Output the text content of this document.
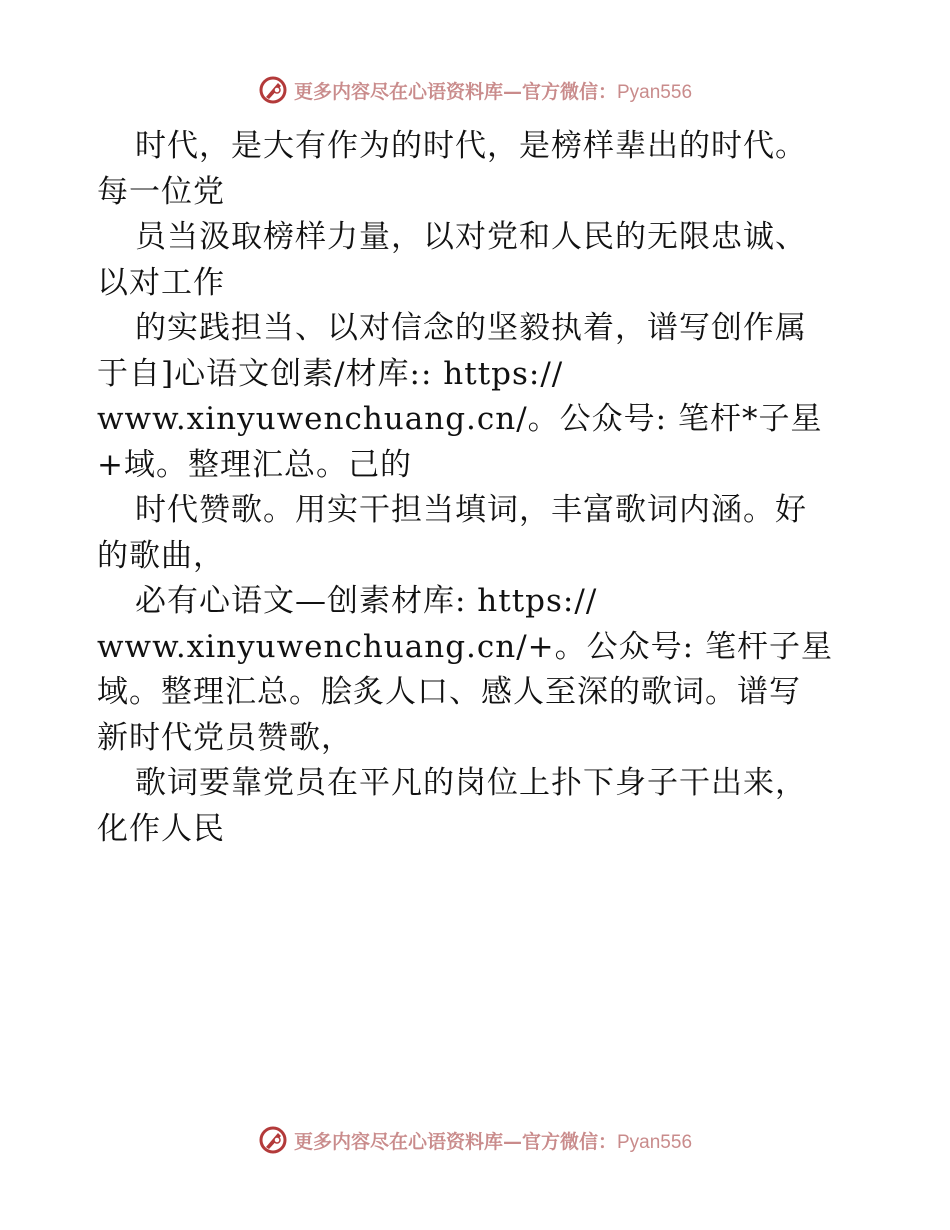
更多内容尽在心语资料库—官方微信：Pyan556
时代，是大有作为的时代，是榜样辈出的时代。
每一位党
员当汲取榜样力量，以对党和人民的无限忠诚、
以对工作
的实践担当、以对信念的坚毅执着，谱写创作属
于自]心语文创素/材库:: https://
www.xinyuwenchuang.cn/。公众号: 笔杆*子星
+域。整理汇总。己的
时代赞歌。用实干担当填词，丰富歌词内涵。好
的歌曲，
必有心语文—创素材库: https://
www.xinyuwenchuang.cn/+。公众号: 笔杆子星
域。整理汇总。脍炙人口、感人至深的歌词。谱写
新时代党员赞歌，
歌词要靠党员在平凡的岗位上扑下身子干出来，
化作人民
更多内容尽在心语资料库—官方微信：Pyan556
